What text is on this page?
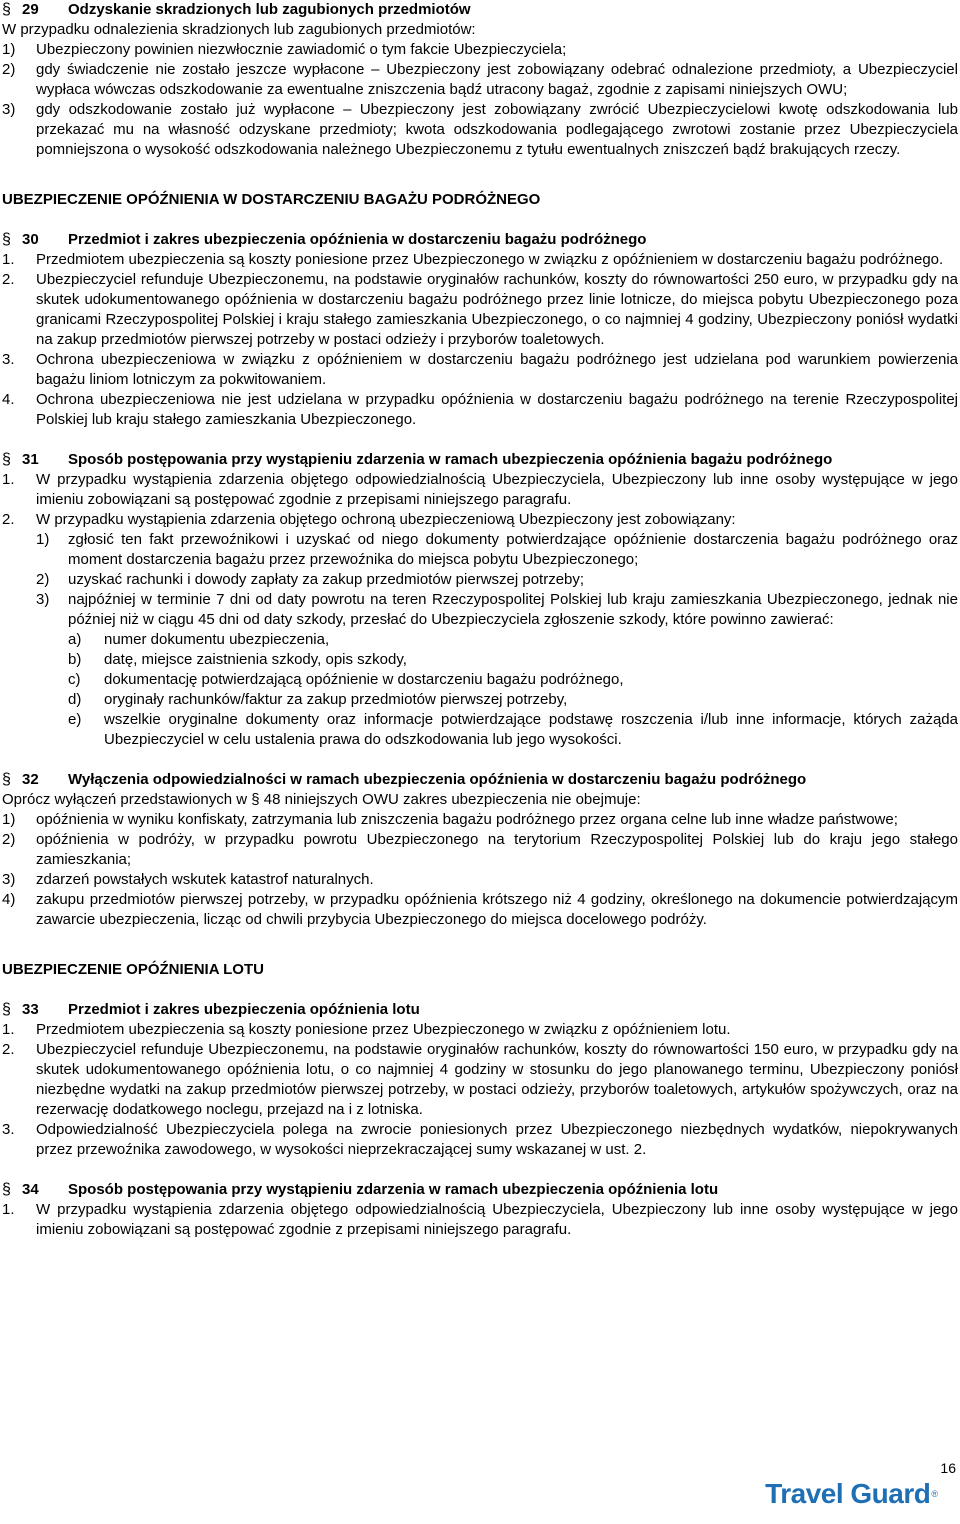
§ 29	Odzyskanie skradzionych lub zagubionych przedmiotów
W przypadku odnalezienia skradzionych lub zagubionych przedmiotów:
1)	Ubezpieczony powinien niezwłocznie zawiadomić o tym fakcie Ubezpieczyciela;
2)	gdy świadczenie nie zostało jeszcze wypłacone – Ubezpieczony jest zobowiązany odebrać odnalezione przedmioty, a Ubezpieczyciel wypłaca wówczas odszkodowanie za ewentualne zniszczenia bądź utracony bagaż, zgodnie z zapisami niniejszych OWU;
3)	gdy odszkodowanie zostało już wypłacone – Ubezpieczony jest zobowiązany zwrócić Ubezpieczycielowi kwotę odszkodowania lub przekazać mu na własność odzyskane przedmioty; kwota odszkodowania podlegającego zwrotowi zostanie przez Ubezpieczyciela pomniejszona o wysokość odszkodowania należnego Ubezpieczonemu z tytułu ewentualnych zniszczeń bądź brakujących rzeczy.
UBEZPIECZENIE OPÓŹNIENIA W DOSTARCZENIU BAGAŻU PODRÓŻNEGO
§ 30	Przedmiot i zakres ubezpieczenia opóźnienia w dostarczeniu bagażu podróżnego
1.	Przedmiotem ubezpieczenia są koszty poniesione przez Ubezpieczonego w związku z opóźnieniem w dostarczeniu bagażu podróżnego.
2.	Ubezpieczyciel refunduje Ubezpieczonemu, na podstawie oryginałów rachunków, koszty do równowartości 250 euro, w przypadku gdy na skutek udokumentowanego opóźnienia w dostarczeniu bagażu podróżnego przez linie lotnicze, do miejsca pobytu Ubezpieczonego poza granicami Rzeczypospolitej Polskiej i kraju stałego zamieszkania Ubezpieczonego, o co najmniej 4 godziny, Ubezpieczony poniósł wydatki na zakup przedmiotów pierwszej potrzeby w postaci odzieży i przyborów toaletowych.
3.	Ochrona ubezpieczeniowa w związku z opóźnieniem w dostarczeniu bagażu podróżnego jest udzielana pod warunkiem powierzenia bagażu liniom lotniczym za pokwitowaniem.
4.	Ochrona ubezpieczeniowa nie jest udzielana w przypadku opóźnienia w dostarczeniu bagażu podróżnego na terenie Rzeczypospolitej Polskiej lub kraju stałego zamieszkania Ubezpieczonego.
§ 31	Sposób postępowania przy wystąpieniu zdarzenia w ramach ubezpieczenia opóźnienia bagażu podróżnego
1.	W przypadku wystąpienia zdarzenia objętego odpowiedzialnością Ubezpieczyciela, Ubezpieczony lub inne osoby występujące w jego imieniu zobowiązani są postępować zgodnie z przepisami niniejszego paragrafu.
2.	W przypadku wystąpienia zdarzenia objętego ochroną ubezpieczeniową Ubezpieczony jest zobowiązany:
1)	zgłosić ten fakt przewoźnikowi i uzyskać od niego dokumenty potwierdzające opóźnienie dostarczenia bagażu podróżnego oraz moment dostarczenia bagażu przez przewoźnika do miejsca pobytu Ubezpieczonego;
2)	uzyskać rachunki i dowody zapłaty za zakup przedmiotów pierwszej potrzeby;
3)	najpóźniej w terminie 7 dni od daty powrotu na teren Rzeczypospolitej Polskiej lub kraju zamieszkania Ubezpieczonego, jednak nie później niż w ciągu 45 dni od daty szkody, przesłać do Ubezpieczyciela zgłoszenie szkody, które powinno zawierać:
a)	numer dokumentu ubezpieczenia,
b)	datę, miejsce zaistnienia szkody, opis szkody,
c)	dokumentację potwierdzającą opóźnienie w dostarczeniu bagażu podróżnego,
d)	oryginały rachunków/faktur za zakup przedmiotów pierwszej potrzeby,
e)	wszelkie oryginalne dokumenty oraz informacje potwierdzające podstawę roszczenia i/lub inne informacje, których zażąda Ubezpieczyciel w celu ustalenia prawa do odszkodowania lub jego wysokości.
§ 32	Wyłączenia odpowiedzialności w ramach ubezpieczenia opóźnienia w dostarczeniu bagażu podróżnego
Oprócz wyłączeń przedstawionych w § 48 niniejszych OWU zakres ubezpieczenia nie obejmuje:
1)	opóźnienia w wyniku konfiskaty, zatrzymania lub zniszczenia bagażu podróżnego przez organa celne lub inne władze państwowe;
2)	opóźnienia w podróży, w przypadku powrotu Ubezpieczonego na terytorium Rzeczypospolitej Polskiej lub do kraju jego stałego zamieszkania;
3)	zdarzeń powstałych wskutek katastrof naturalnych.
4)	zakupu przedmiotów pierwszej potrzeby, w przypadku opóźnienia krótszego niż 4 godziny, określonego na dokumencie potwierdzającym zawarcie ubezpieczenia, licząc od chwili przybycia Ubezpieczonego do miejsca docelowego podróży.
UBEZPIECZENIE OPÓŹNIENIA LOTU
§ 33	Przedmiot i zakres ubezpieczenia opóźnienia lotu
1.	Przedmiotem ubezpieczenia są koszty poniesione przez Ubezpieczonego w związku z opóźnieniem lotu.
2.	Ubezpieczyciel refunduje Ubezpieczonemu, na podstawie oryginałów rachunków, koszty do równowartości 150 euro, w przypadku gdy na skutek udokumentowanego opóźnienia lotu, o co najmniej 4 godziny w stosunku do jego planowanego terminu, Ubezpieczony poniósł niezbędne wydatki na zakup przedmiotów pierwszej potrzeby, w postaci odzieży, przyborów toaletowych, artykułów spożywczych, oraz na rezerwację dodatkowego noclegu, przejazd na i z lotniska.
3.	Odpowiedzialność Ubezpieczyciela polega na zwrocie poniesionych przez Ubezpieczonego niezbędnych wydatków, niepokrywanych przez przewoźnika zawodowego, w wysokości nieprzekraczającej sumy wskazanej w ust. 2.
§ 34	Sposób postępowania przy wystąpieniu zdarzenia w ramach ubezpieczenia opóźnienia lotu
1.	W przypadku wystąpienia zdarzenia objętego odpowiedzialnością Ubezpieczyciela, Ubezpieczony lub inne osoby występujące w jego imieniu zobowiązani są postępować zgodnie z przepisami niniejszego paragrafu.
16
Travel Guard ®
